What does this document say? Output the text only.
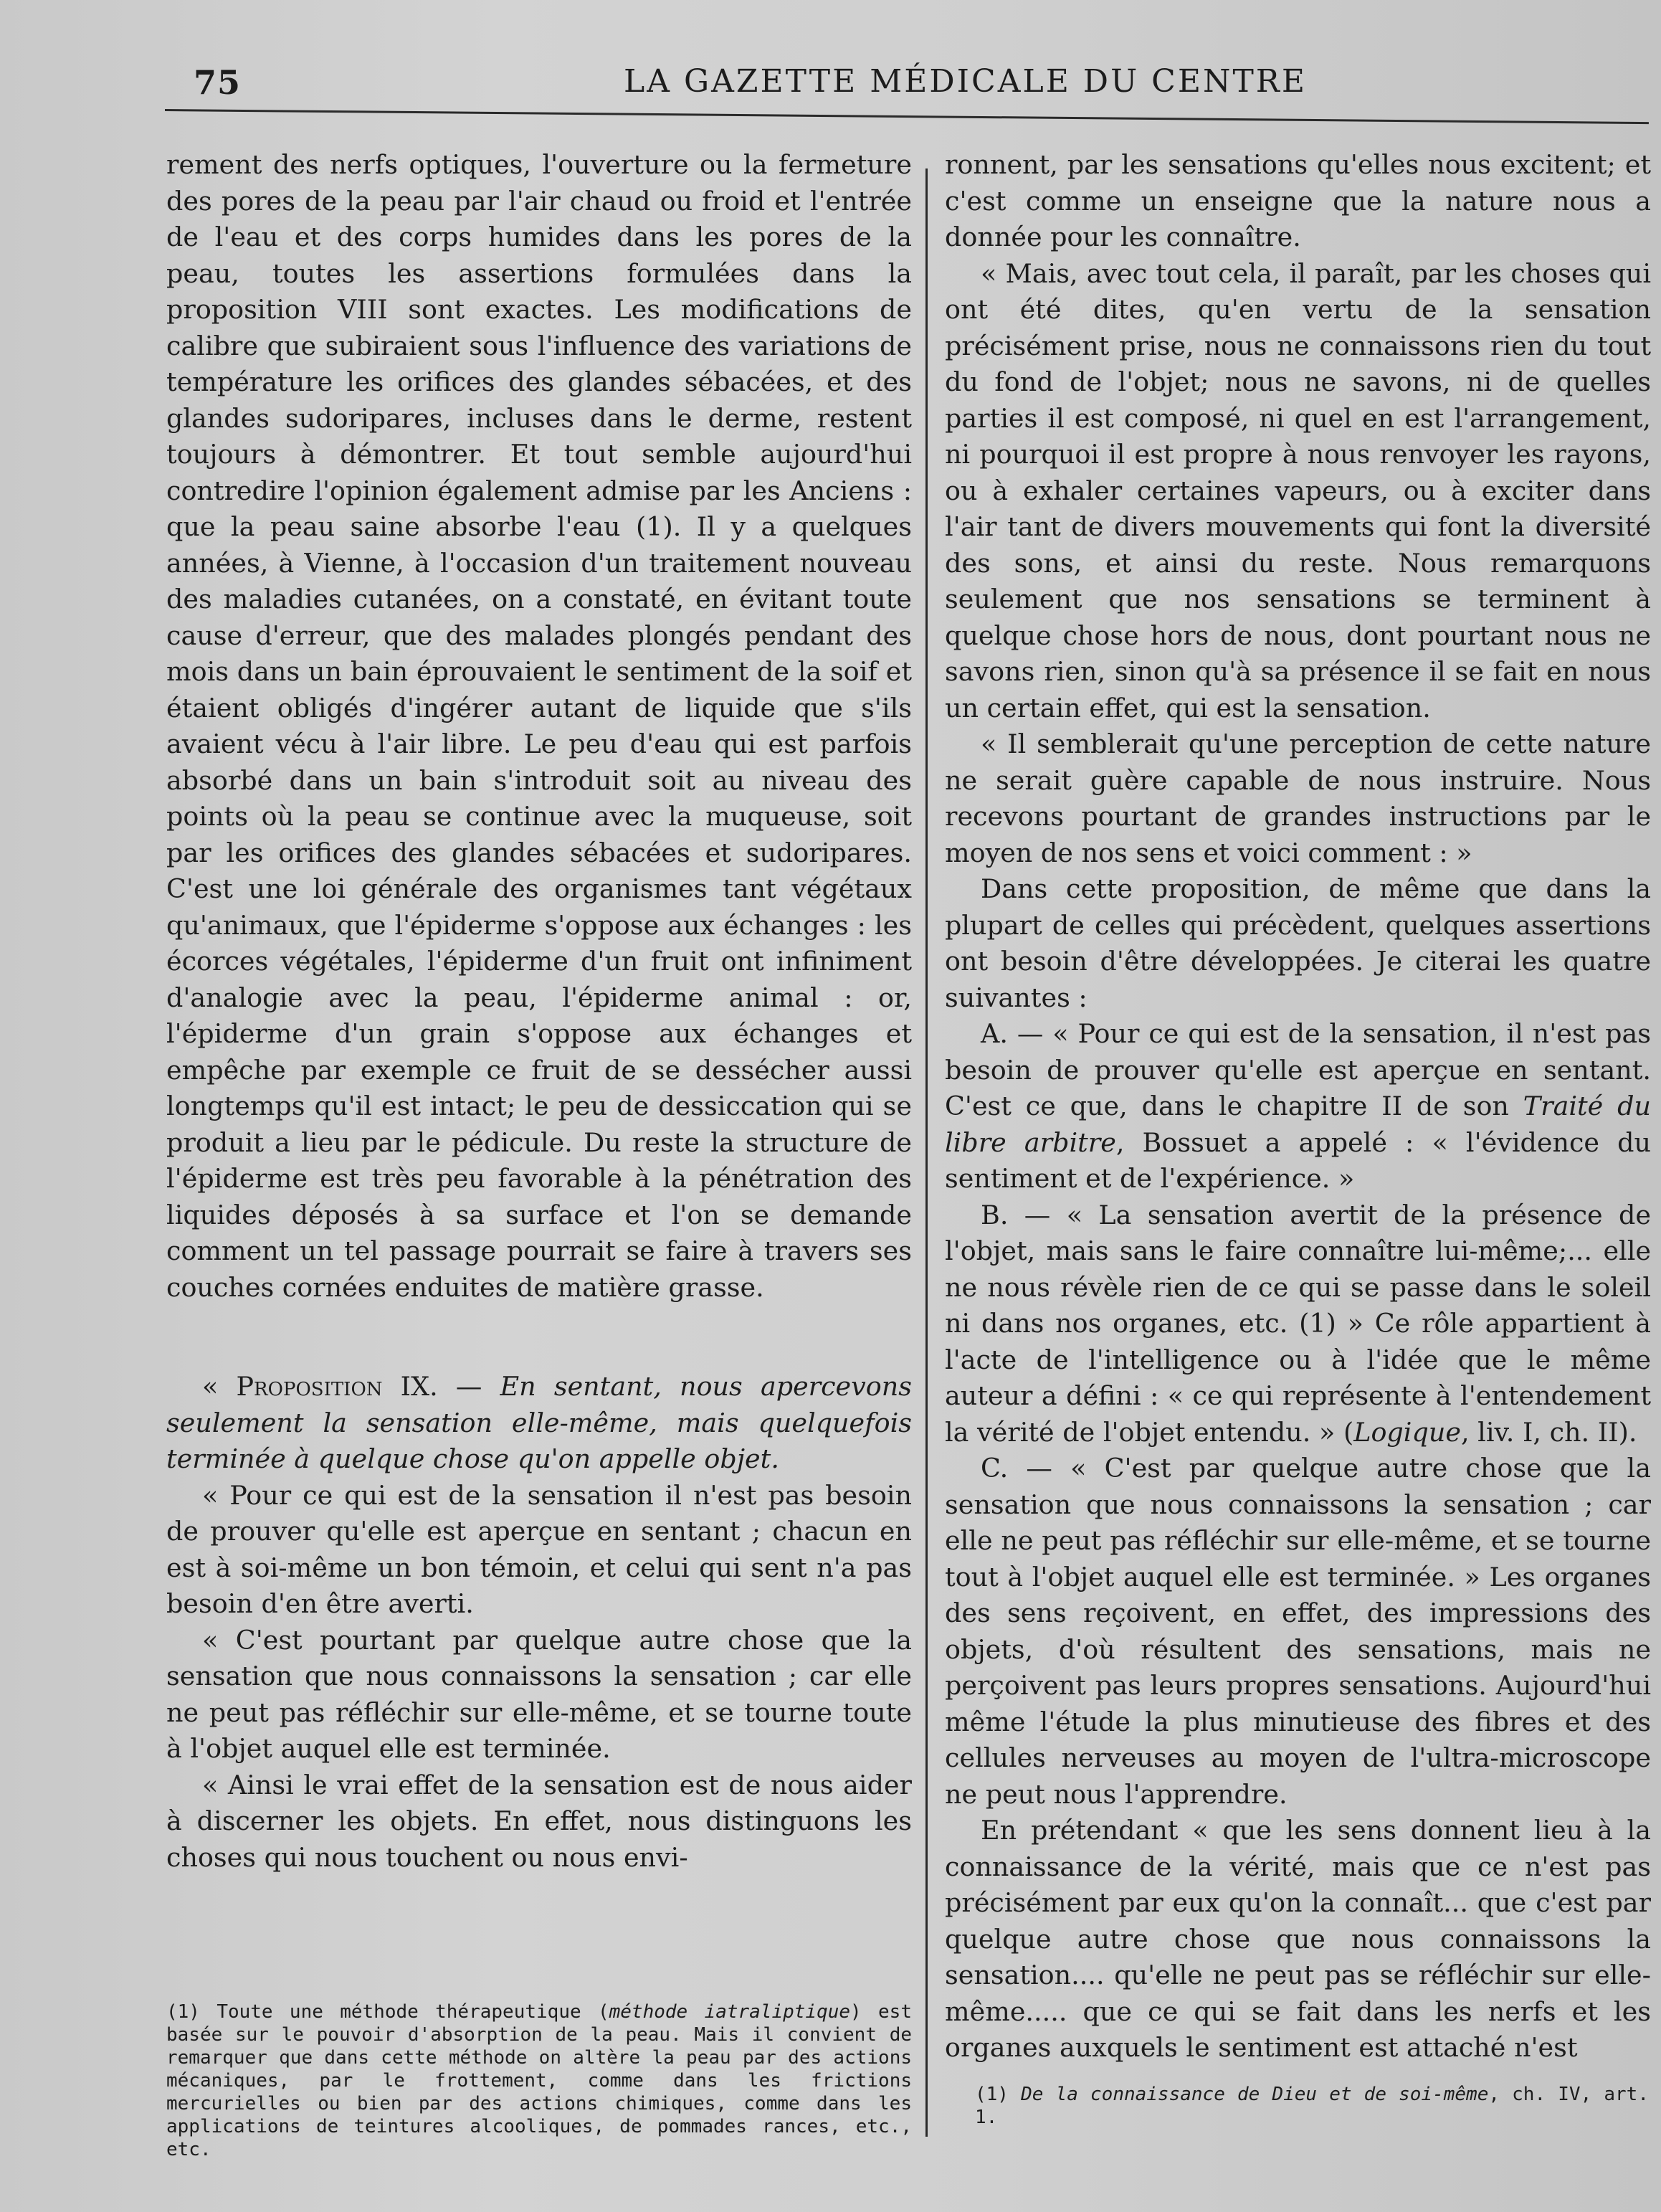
75	LA GAZETTE MÉDICALE DU CENTRE

rement des nerfs optiques, l'ouverture ou la fermeture des pores de la peau par l'air chaud ou froid et l'entrée de l'eau et des corps humides dans les pores de la peau, toutes les assertions formulées dans la proposition VIII sont exactes. Les modifications de calibre que subiraient sous l'influence des variations de température les orifices des glandes sébacées, et des glandes sudoripares, incluses dans le derme, restent toujours à démontrer. Et tout semble aujourd'hui contredire l'opinion également admise par les Anciens : que la peau saine absorbe l'eau (1). Il y a quelques années, à Vienne, à l'occasion d'un traitement nouveau des maladies cutanées, on a constaté, en évitant toute cause d'erreur, que des malades plongés pendant des mois dans un bain éprouvaient le sentiment de la soif et étaient obligés d'ingérer autant de liquide que s'ils avaient vécu à l'air libre. Le peu d'eau qui est parfois absorbé dans un bain s'introduit soit au niveau des points où la peau se continue avec la muqueuse, soit par les orifices des glandes sébacées et sudoripares. C'est une loi générale des organismes tant végétaux qu'animaux, que l'épiderme s'oppose aux échanges : les écorces végétales, l'épiderme d'un fruit ont infiniment d'analogie avec la peau, l'épiderme animal : or, l'épiderme d'un grain s'oppose aux échanges et empêche par exemple ce fruit de se dessécher aussi longtemps qu'il est intact; le peu de dessiccation qui se produit a lieu par le pédicule. Du reste la structure de l'épiderme est très peu favorable à la pénétration des liquides déposés à sa surface et l'on se demande comment un tel passage pourrait se faire à travers ses couches cornées enduites de matière grasse.

« Proposition IX. — En sentant, nous apercevons seulement la sensation elle-même, mais quelquefois terminée à quelque chose qu'on appelle objet.

« Pour ce qui est de la sensation il n'est pas besoin de prouver qu'elle est aperçue en sentant ; chacun en est à soi-même un bon témoin, et celui qui sent n'a pas besoin d'en être averti.

« C'est pourtant par quelque autre chose que la sensation que nous connaissons la sensation ; car elle ne peut pas réfléchir sur elle-même, et se tourne toute à l'objet auquel elle est terminée.

« Ainsi le vrai effet de la sensation est de nous aider à discerner les objets. En effet, nous distinguons les choses qui nous touchent ou nous envi-

(1) Toute une méthode thérapeutique (méthode iatraliptique) est basée sur le pouvoir d'absorption de la peau. Mais il convient de remarquer que dans cette méthode on altère la peau par des actions mécaniques, par le frottement, comme dans les frictions mercurielles ou bien par des actions chimiques, comme dans les applications de teintures alcooliques, de pommades rances, etc., etc.

ronnent, par les sensations qu'elles nous excitent; et c'est comme un enseigne que la nature nous a donnée pour les connaître.

« Mais, avec tout cela, il paraît, par les choses qui ont été dites, qu'en vertu de la sensation précisément prise, nous ne connaissons rien du tout du fond de l'objet; nous ne savons, ni de quelles parties il est composé, ni quel en est l'arrangement, ni pourquoi il est propre à nous renvoyer les rayons, ou à exhaler certaines vapeurs, ou à exciter dans l'air tant de divers mouvements qui font la diversité des sons, et ainsi du reste. Nous remarquons seulement que nos sensations se terminent à quelque chose hors de nous, dont pourtant nous ne savons rien, sinon qu'à sa présence il se fait en nous un certain effet, qui est la sensation.

« Il semblerait qu'une perception de cette nature ne serait guère capable de nous instruire. Nous recevons pourtant de grandes instructions par le moyen de nos sens et voici comment : »

Dans cette proposition, de même que dans la plupart de celles qui précèdent, quelques assertions ont besoin d'être développées. Je citerai les quatre suivantes :

A. — « Pour ce qui est de la sensation, il n'est pas besoin de prouver qu'elle est aperçue en sentant. C'est ce que, dans le chapitre II de son Traité du libre arbitre, Bossuet a appelé : « l'évidence du sentiment et de l'expérience. »

B. — « La sensation avertit de la présence de l'objet, mais sans le faire connaître lui-même;... elle ne nous révèle rien de ce qui se passe dans le soleil ni dans nos organes, etc. (1) » Ce rôle appartient à l'acte de l'intelligence ou à l'idée que le même auteur a défini : « ce qui représente à l'entendement la vérité de l'objet entendu. » (Logique, liv. I, ch. II).

C. — « C'est par quelque autre chose que la sensation que nous connaissons la sensation ; car elle ne peut pas réfléchir sur elle-même, et se tourne tout à l'objet auquel elle est terminée. » Les organes des sens reçoivent, en effet, des impressions des objets, d'où résultent des sensations, mais ne perçoivent pas leurs propres sensations. Aujourd'hui même l'étude la plus minutieuse des fibres et des cellules nerveuses au moyen de l'ultra-microscope ne peut nous l'apprendre.

En prétendant « que les sens donnent lieu à la connaissance de la vérité, mais que ce n'est pas précisément par eux qu'on la connaît... que c'est par quelque autre chose que nous connaissons la sensation.... qu'elle ne peut pas se réfléchir sur elle-même..... que ce qui se fait dans les nerfs et les organes auxquels le sentiment est attaché n'est

(1) De la connaissance de Dieu et de soi-même, ch. IV, art. 1.
